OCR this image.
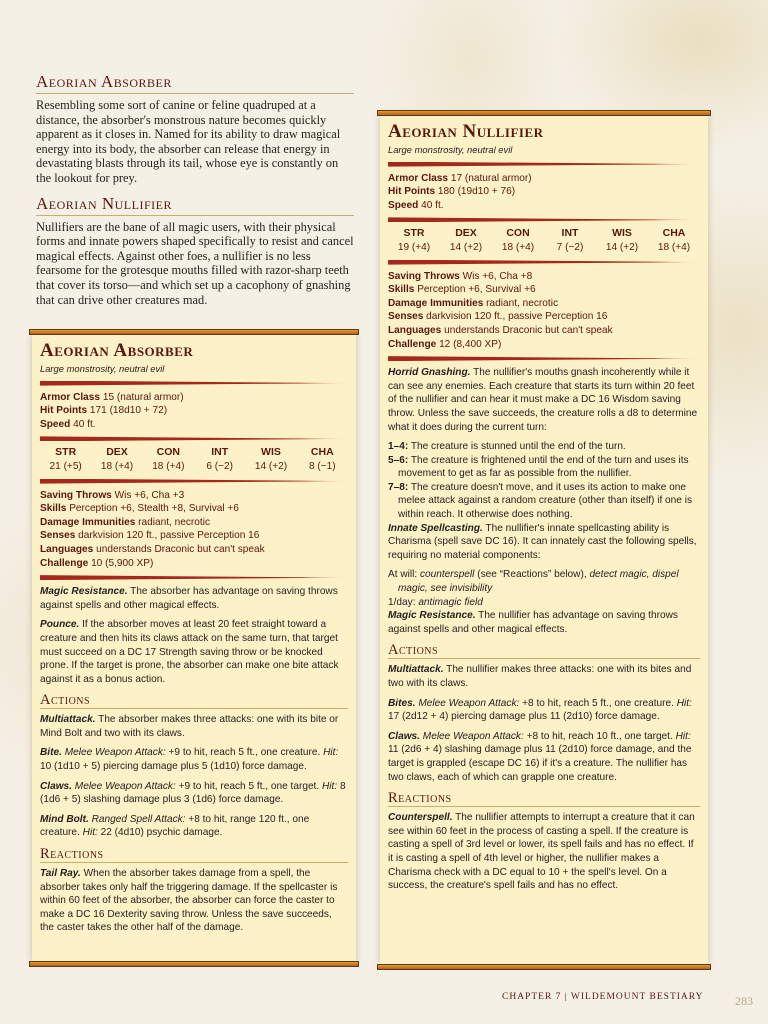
Aeorian Absorber

Resembling some sort of canine or feline quadruped at a distance, the absorber's monstrous nature becomes quickly apparent as it closes in. Named for its ability to draw magical energy into its body, the absorber can release that energy in devastating blasts through its tail, whose eye is constantly on the lookout for prey.

Aeorian Nullifier

Nullifiers are the bane of all magic users, with their physical forms and innate powers shaped specifically to resist and cancel magical effects. Against other foes, a nullifier is no less fearsome for the grotesque mouths filled with razor-sharp teeth that cover its torso—and which set up a cacophony of gnashing that can drive other creatures mad.

Aeorian Absorber

Large monstrosity, neutral evil

Armor Class 15 (natural armor)

Hit Points 171 (18d10 + 72)

Speed 40 ft.

STR
21 (+5)
DEX
18 (+4)
CON
18 (+4)
INT
6 (−2)
WIS
14 (+2)
CHA
8 (−1)

Saving Throws Wis +6, Cha +3

Skills Perception +6, Stealth +8, Survival +6

Damage Immunities radiant, necrotic

Senses darkvision 120 ft., passive Perception 16

Languages understands Draconic but can't speak

Challenge 10 (5,900 XP)

Magic Resistance. The absorber has advantage on saving throws against spells and other magical effects.

Pounce. If the absorber moves at least 20 feet straight toward a creature and then hits its claws attack on the same turn, that target must succeed on a DC 17 Strength saving throw or be knocked prone. If the target is prone, the absorber can make one bite attack against it as a bonus action.

Actions

Multiattack. The absorber makes three attacks: one with its bite or Mind Bolt and two with its claws.

Bite. Melee Weapon Attack: +9 to hit, reach 5 ft., one creature. Hit: 10 (1d10 + 5) piercing damage plus 5 (1d10) force damage.

Claws. Melee Weapon Attack: +9 to hit, reach 5 ft., one target. Hit: 8 (1d6 + 5) slashing damage plus 3 (1d6) force damage.

Mind Bolt. Ranged Spell Attack: +8 to hit, range 120 ft., one creature. Hit: 22 (4d10) psychic damage.

Reactions

Tail Ray. When the absorber takes damage from a spell, the absorber takes only half the triggering damage. If the spellcaster is within 60 feet of the absorber, the absorber can force the caster to make a DC 16 Dexterity saving throw. Unless the save succeeds, the caster takes the other half of the damage.

Aeorian Nullifier

Large monstrosity, neutral evil

Armor Class 17 (natural armor)

Hit Points 180 (19d10 + 76)

Speed 40 ft.

STR
19 (+4)
DEX
14 (+2)
CON
18 (+4)
INT
7 (−2)
WIS
14 (+2)
CHA
18 (+4)

Saving Throws Wis +6, Cha +8

Skills Perception +6, Survival +6

Damage Immunities radiant, necrotic

Senses darkvision 120 ft., passive Perception 16

Languages understands Draconic but can't speak

Challenge 12 (8,400 XP)

Horrid Gnashing. The nullifier's mouths gnash incoherently while it can see any enemies. Each creature that starts its turn within 20 feet of the nullifier and can hear it must make a DC 16 Wisdom saving throw. Unless the save succeeds, the creature rolls a d8 to determine what it does during the current turn:

1–4: The creature is stunned until the end of the turn.

5–6: The creature is frightened until the end of the turn and uses its movement to get as far as possible from the nullifier.

7–8: The creature doesn't move, and it uses its action to make one melee attack against a random creature (other than itself) if one is within reach. It otherwise does nothing.

Innate Spellcasting. The nullifier's innate spellcasting ability is Charisma (spell save DC 16). It can innately cast the following spells, requiring no material components:

At will: counterspell (see “Reactions” below), detect magic, dispel magic, see invisibility

1/day: antimagic field

Magic Resistance. The nullifier has advantage on saving throws against spells and other magical effects.

Actions

Multiattack. The nullifier makes three attacks: one with its bites and two with its claws.

Bites. Melee Weapon Attack: +8 to hit, reach 5 ft., one creature. Hit: 17 (2d12 + 4) piercing damage plus 11 (2d10) force damage.

Claws. Melee Weapon Attack: +8 to hit, reach 10 ft., one target. Hit: 11 (2d6 + 4) slashing damage plus 11 (2d10) force damage, and the target is grappled (escape DC 16) if it's a creature. The nullifier has two claws, each of which can grapple one creature.

Reactions

Counterspell. The nullifier attempts to interrupt a creature that it can see within 60 feet in the process of casting a spell. If the creature is casting a spell of 3rd level or lower, its spell fails and has no effect. If it is casting a spell of 4th level or higher, the nullifier makes a Charisma check with a DC equal to 10 + the spell's level. On a success, the creature's spell fails and has no effect.

CHAPTER 7 | WILDEMOUNT BESTIARY	283
